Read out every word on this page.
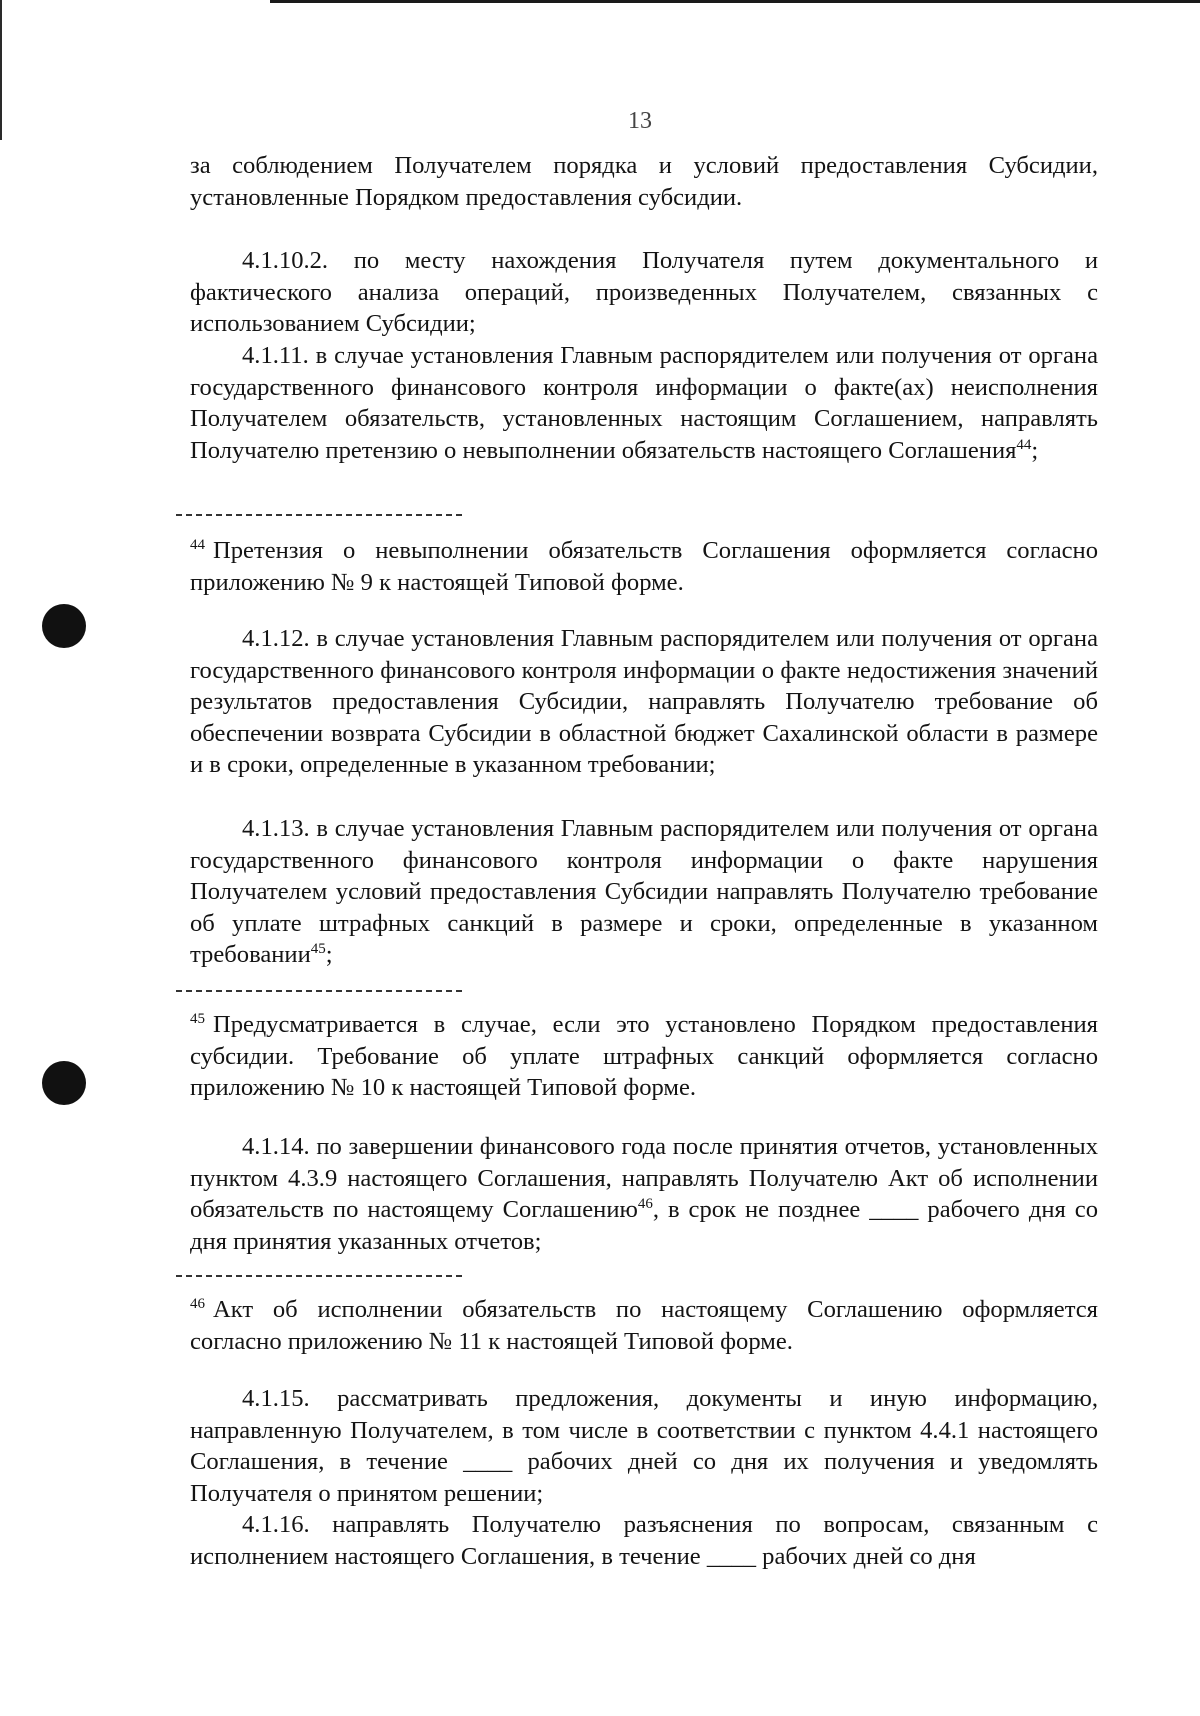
13
за соблюдением Получателем порядка и условий предоставления Субсидии, установленные Порядком предоставления субсидии.
4.1.10.2. по месту нахождения Получателя путем документального и фактического анализа операций, произведенных Получателем, связанных с использованием Субсидии;
4.1.11. в случае установления Главным распорядителем или получения от органа государственного финансового контроля информации о факте(ах) неисполнения Получателем обязательств, установленных настоящим Соглашением, направлять Получателю претензию о невыполнении обязательств настоящего Соглашения$^{44}$;
$^{44}$ Претензия о невыполнении обязательств Соглашения оформляется согласно приложению № 9 к настоящей Типовой форме.
4.1.12. в случае установления Главным распорядителем или получения от органа государственного финансового контроля информации о факте недостижения значений результатов предоставления Субсидии, направлять Получателю требование об обеспечении возврата Субсидии в областной бюджет Сахалинской области в размере и в сроки, определенные в указанном требовании;
4.1.13. в случае установления Главным распорядителем или получения от органа государственного финансового контроля информации о факте нарушения Получателем условий предоставления Субсидии направлять Получателю требование об уплате штрафных санкций в размере и сроки, определенные в указанном требовании$^{45}$;
$^{45}$ Предусматривается в случае, если это установлено Порядком предоставления субсидии. Требование об уплате штрафных санкций оформляется согласно приложению № 10 к настоящей Типовой форме.
4.1.14. по завершении финансового года после принятия отчетов, установленных пунктом 4.3.9 настоящего Соглашения, направлять Получателю Акт об исполнении обязательств по настоящему Соглашению$^{46}$, в срок не позднее ____ рабочего дня со дня принятия указанных отчетов;
$^{46}$ Акт об исполнении обязательств по настоящему Соглашению оформляется согласно приложению № 11 к настоящей Типовой форме.
4.1.15. рассматривать предложения, документы и иную информацию, направленную Получателем, в том числе в соответствии с пунктом 4.4.1 настоящего Соглашения, в течение ____ рабочих дней со дня их получения и уведомлять Получателя о принятом решении;
4.1.16. направлять Получателю разъяснения по вопросам, связанным с исполнением настоящего Соглашения, в течение ____ рабочих дней со дня
